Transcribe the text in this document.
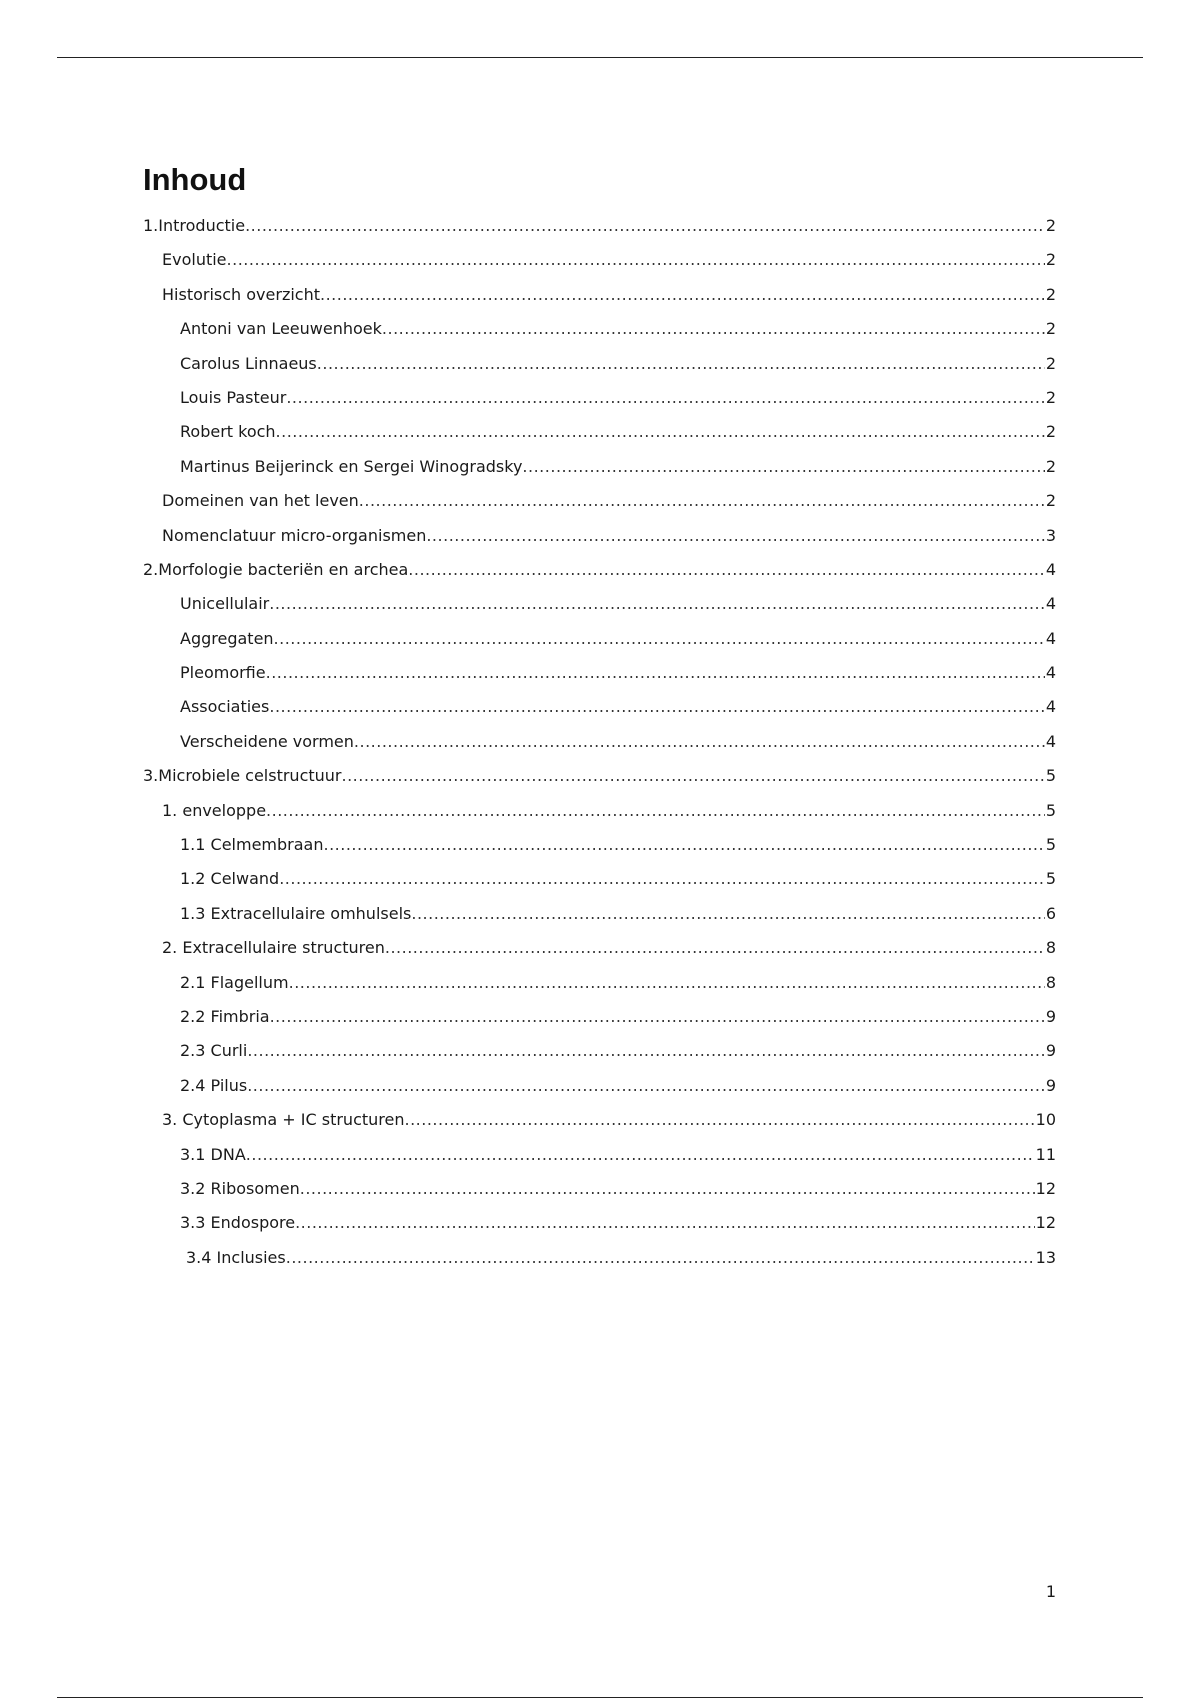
Inhoud
1.Introductie .....	2
Evolutie .....	2
Historisch overzicht .....	2
Antoni van Leeuwenhoek .....	2
Carolus Linnaeus .....	2
Louis Pasteur .....	2
Robert koch .....	2
Martinus Beijerinck en Sergei Winogradsky .....	2
Domeinen van het leven .....	2
Nomenclatuur micro-organismen .....	3
2.Morfologie bacteriën en archea .....	4
Unicellulair .....	4
Aggregaten .....	4
Pleomorfie .....	4
Associaties .....	4
Verscheidene vormen .....	4
3.Microbiele celstructuur .....	5
1. enveloppe .....	5
1.1 Celmembraan .....	5
1.2 Celwand .....	5
1.3 Extracellulaire omhulsels .....	6
2. Extracellulaire structuren .....	8
2.1 Flagellum .....	8
2.2 Fimbria .....	9
2.3 Curli .....	9
2.4 Pilus .....	9
3. Cytoplasma + IC structuren .....	10
3.1 DNA .....	11
3.2 Ribosomen .....	12
3.3 Endospore .....	12
3.4 Inclusies .....	13
1
